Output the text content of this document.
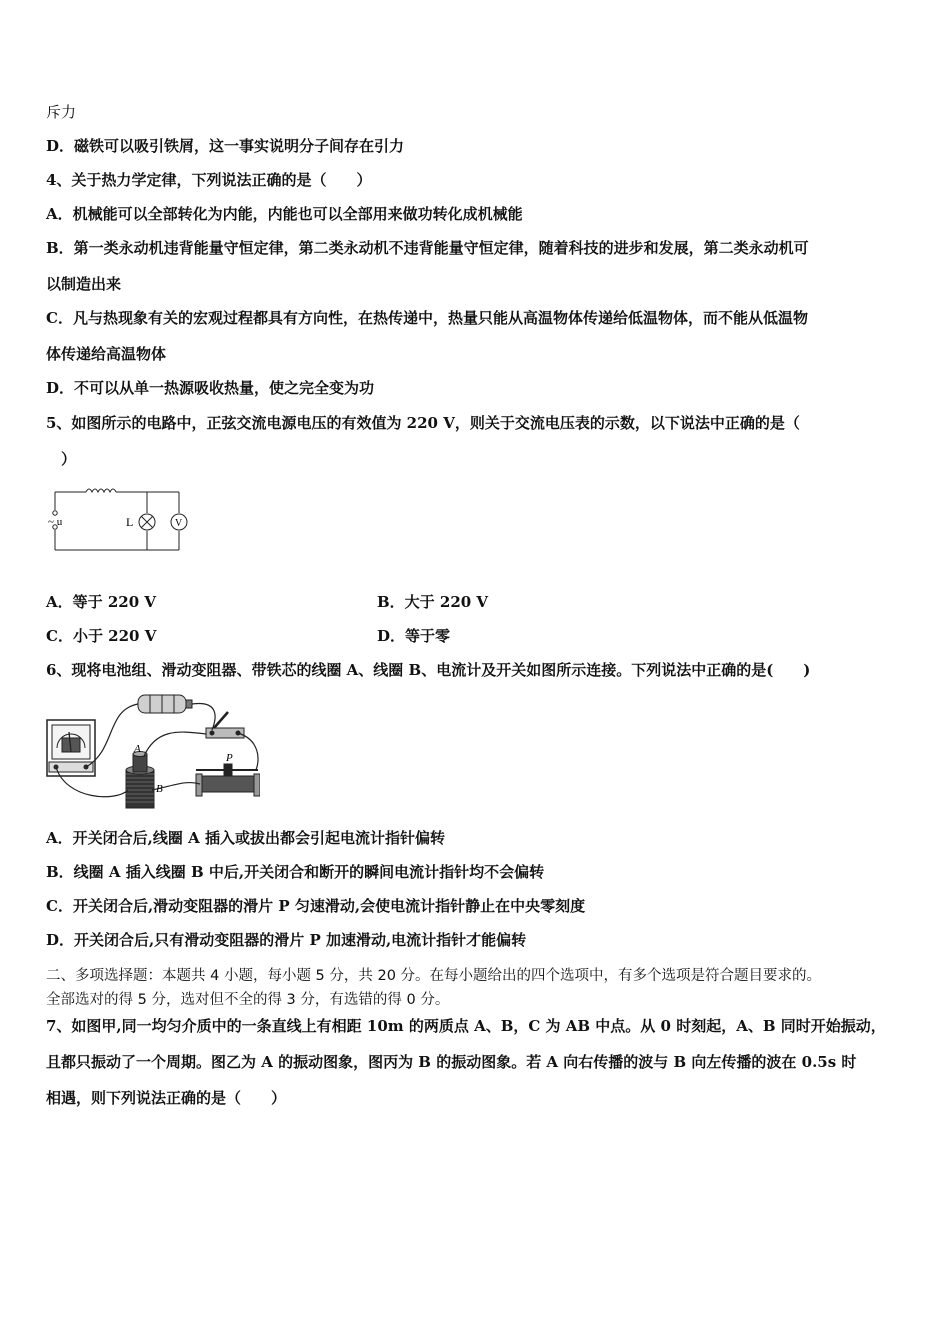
斥力
D．磁铁可以吸引铁屑，这一事实说明分子间存在引力
4、关于热力学定律，下列说法正确的是（　　）
A．机械能可以全部转化为内能，内能也可以全部用来做功转化成机械能
B．第一类永动机违背能量守恒定律，第二类永动机不违背能量守恒定律，随着科技的进步和发展，第二类永动机可
以制造出来
C．凡与热现象有关的宏观过程都具有方向性，在热传递中，热量只能从高温物体传递给低温物体，而不能从低温物
体传递给高温物体
D．不可以从单一热源吸收热量，使之完全变为功
5、如图所示的电路中，正弦交流电源电压的有效值为 220 V，则关于交流电压表的示数，以下说法中正确的是（
　）
~ u	L	V
A．等于 220 V	B．大于 220 V
C．小于 220 V	D．等于零
6、现将电池组、滑动变阻器、带铁芯的线圈 A、线圈 B、电流计及开关如图所示连接。下列说法中正确的是(　　)
A
B
P
A．开关闭合后,线圈 A 插入或拔出都会引起电流计指针偏转
B．线圈 A 插入线圈 B 中后,开关闭合和断开的瞬间电流计指针均不会偏转
C．开关闭合后,滑动变阻器的滑片 P 匀速滑动,会使电流计指针静止在中央零刻度
D．开关闭合后,只有滑动变阻器的滑片 P 加速滑动,电流计指针才能偏转
二、多项选择题：本题共 4 小题，每小题 5 分，共 20 分。在每小题给出的四个选项中，有多个选项是符合题目要求的。
全部选对的得 5 分，选对但不全的得 3 分，有选错的得 0 分。
7、如图甲,同一均匀介质中的一条直线上有相距 10m 的两质点 A、B，C 为 AB 中点。从 0 时刻起，A、B 同时开始振动，
且都只振动了一个周期。图乙为 A 的振动图象，图丙为 B 的振动图象。若 A 向右传播的波与 B 向左传播的波在 0.5s 时
相遇，则下列说法正确的是（　　）
